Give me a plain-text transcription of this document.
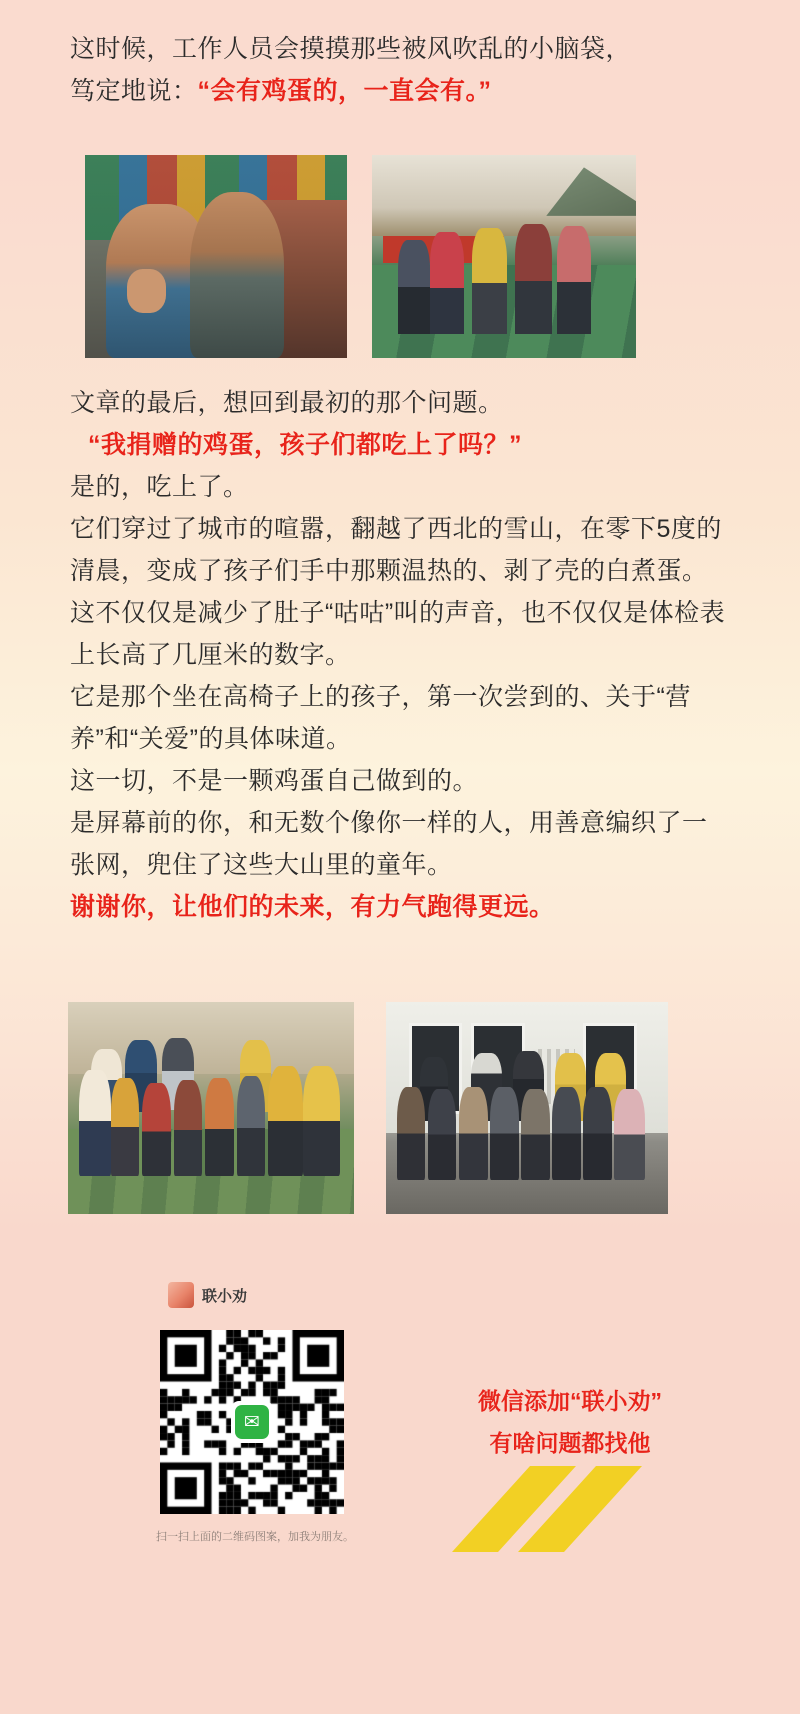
这时候，工作人员会摸摸那些被风吹乱的小脑袋，
笃定地说：“会有鸡蛋的，一直会有。”
文章的最后，想回到最初的那个问题。
“我捐赠的鸡蛋，孩子们都吃上了吗？”
是的，吃上了。
它们穿过了城市的喧嚣，翻越了西北的雪山，在零下5度的清晨，变成了孩子们手中那颗温热的、剥了壳的白煮蛋。
这不仅仅是减少了肚子“咕咕”叫的声音，也不仅仅是体检表上长高了几厘米的数字。
它是那个坐在高椅子上的孩子，第一次尝到的、关于“营养”和“关爱”的具体味道。
这一切，不是一颗鸡蛋自己做到的。
是屏幕前的你，和无数个像你一样的人，用善意编织了一张网，兜住了这些大山里的童年。
谢谢你，让他们的未来，有力气跑得更远。
联小劝
✉
扫一扫上面的二维码图案，加我为朋友。
微信添加“联小劝”
有啥问题都找他
